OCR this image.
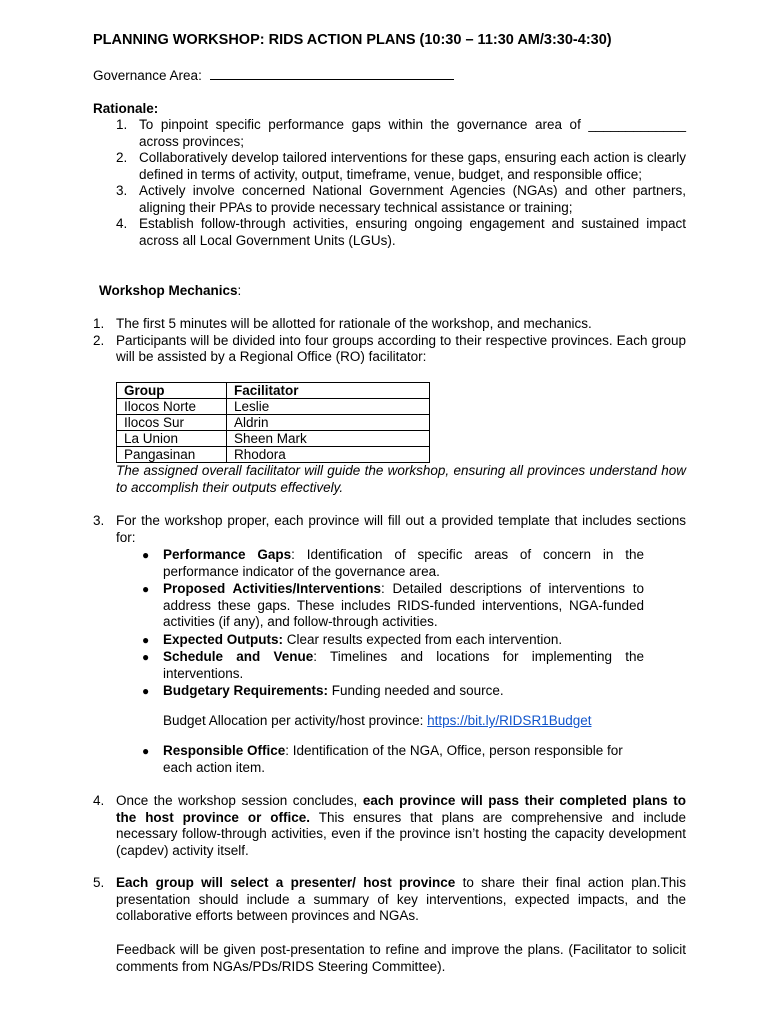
PLANNING WORKSHOP: RIDS ACTION PLANS (10:30 – 11:30 AM/3:30-4:30)
Governance Area:
Rationale:
1. To pinpoint specific performance gaps within the governance area of _____________ across provinces;
2. Collaboratively develop tailored interventions for these gaps, ensuring each action is clearly defined in terms of activity, output, timeframe, venue, budget, and responsible office;
3. Actively involve concerned National Government Agencies (NGAs) and other partners, aligning their PPAs to provide necessary technical assistance or training;
4. Establish follow-through activities, ensuring ongoing engagement and sustained impact across all Local Government Units (LGUs).
Workshop Mechanics:
1. The first 5 minutes will be allotted for rationale of the workshop, and mechanics.
2. Participants will be divided into four groups according to their respective provinces. Each group will be assisted by a Regional Office (RO) facilitator:
Group	Facilitator
Ilocos Norte	Leslie
Ilocos Sur	Aldrin
La Union	Sheen Mark
Pangasinan	Rhodora
The assigned overall facilitator will guide the workshop, ensuring all provinces understand how to accomplish their outputs effectively.
3. For the workshop proper, each province will fill out a provided template that includes sections for:
● Performance Gaps: Identification of specific areas of concern in the performance indicator of the governance area.
● Proposed Activities/Interventions: Detailed descriptions of interventions to address these gaps. These includes RIDS-funded interventions, NGA-funded activities (if any), and follow-through activities.
● Expected Outputs: Clear results expected from each intervention.
● Schedule and Venue: Timelines and locations for implementing the interventions.
● Budgetary Requirements: Funding needed and source.
Budget Allocation per activity/host province: https://bit.ly/RIDSR1Budget
● Responsible Office: Identification of the NGA, Office, person responsible for each action item.
4. Once the workshop session concludes, each province will pass their completed plans to the host province or office. This ensures that plans are comprehensive and include necessary follow-through activities, even if the province isn’t hosting the capacity development (capdev) activity itself.
5. Each group will select a presenter/ host province to share their final action plan.This presentation should include a summary of key interventions, expected impacts, and the collaborative efforts between provinces and NGAs.
Feedback will be given post-presentation to refine and improve the plans. (Facilitator to solicit comments from NGAs/PDs/RIDS Steering Committee).
